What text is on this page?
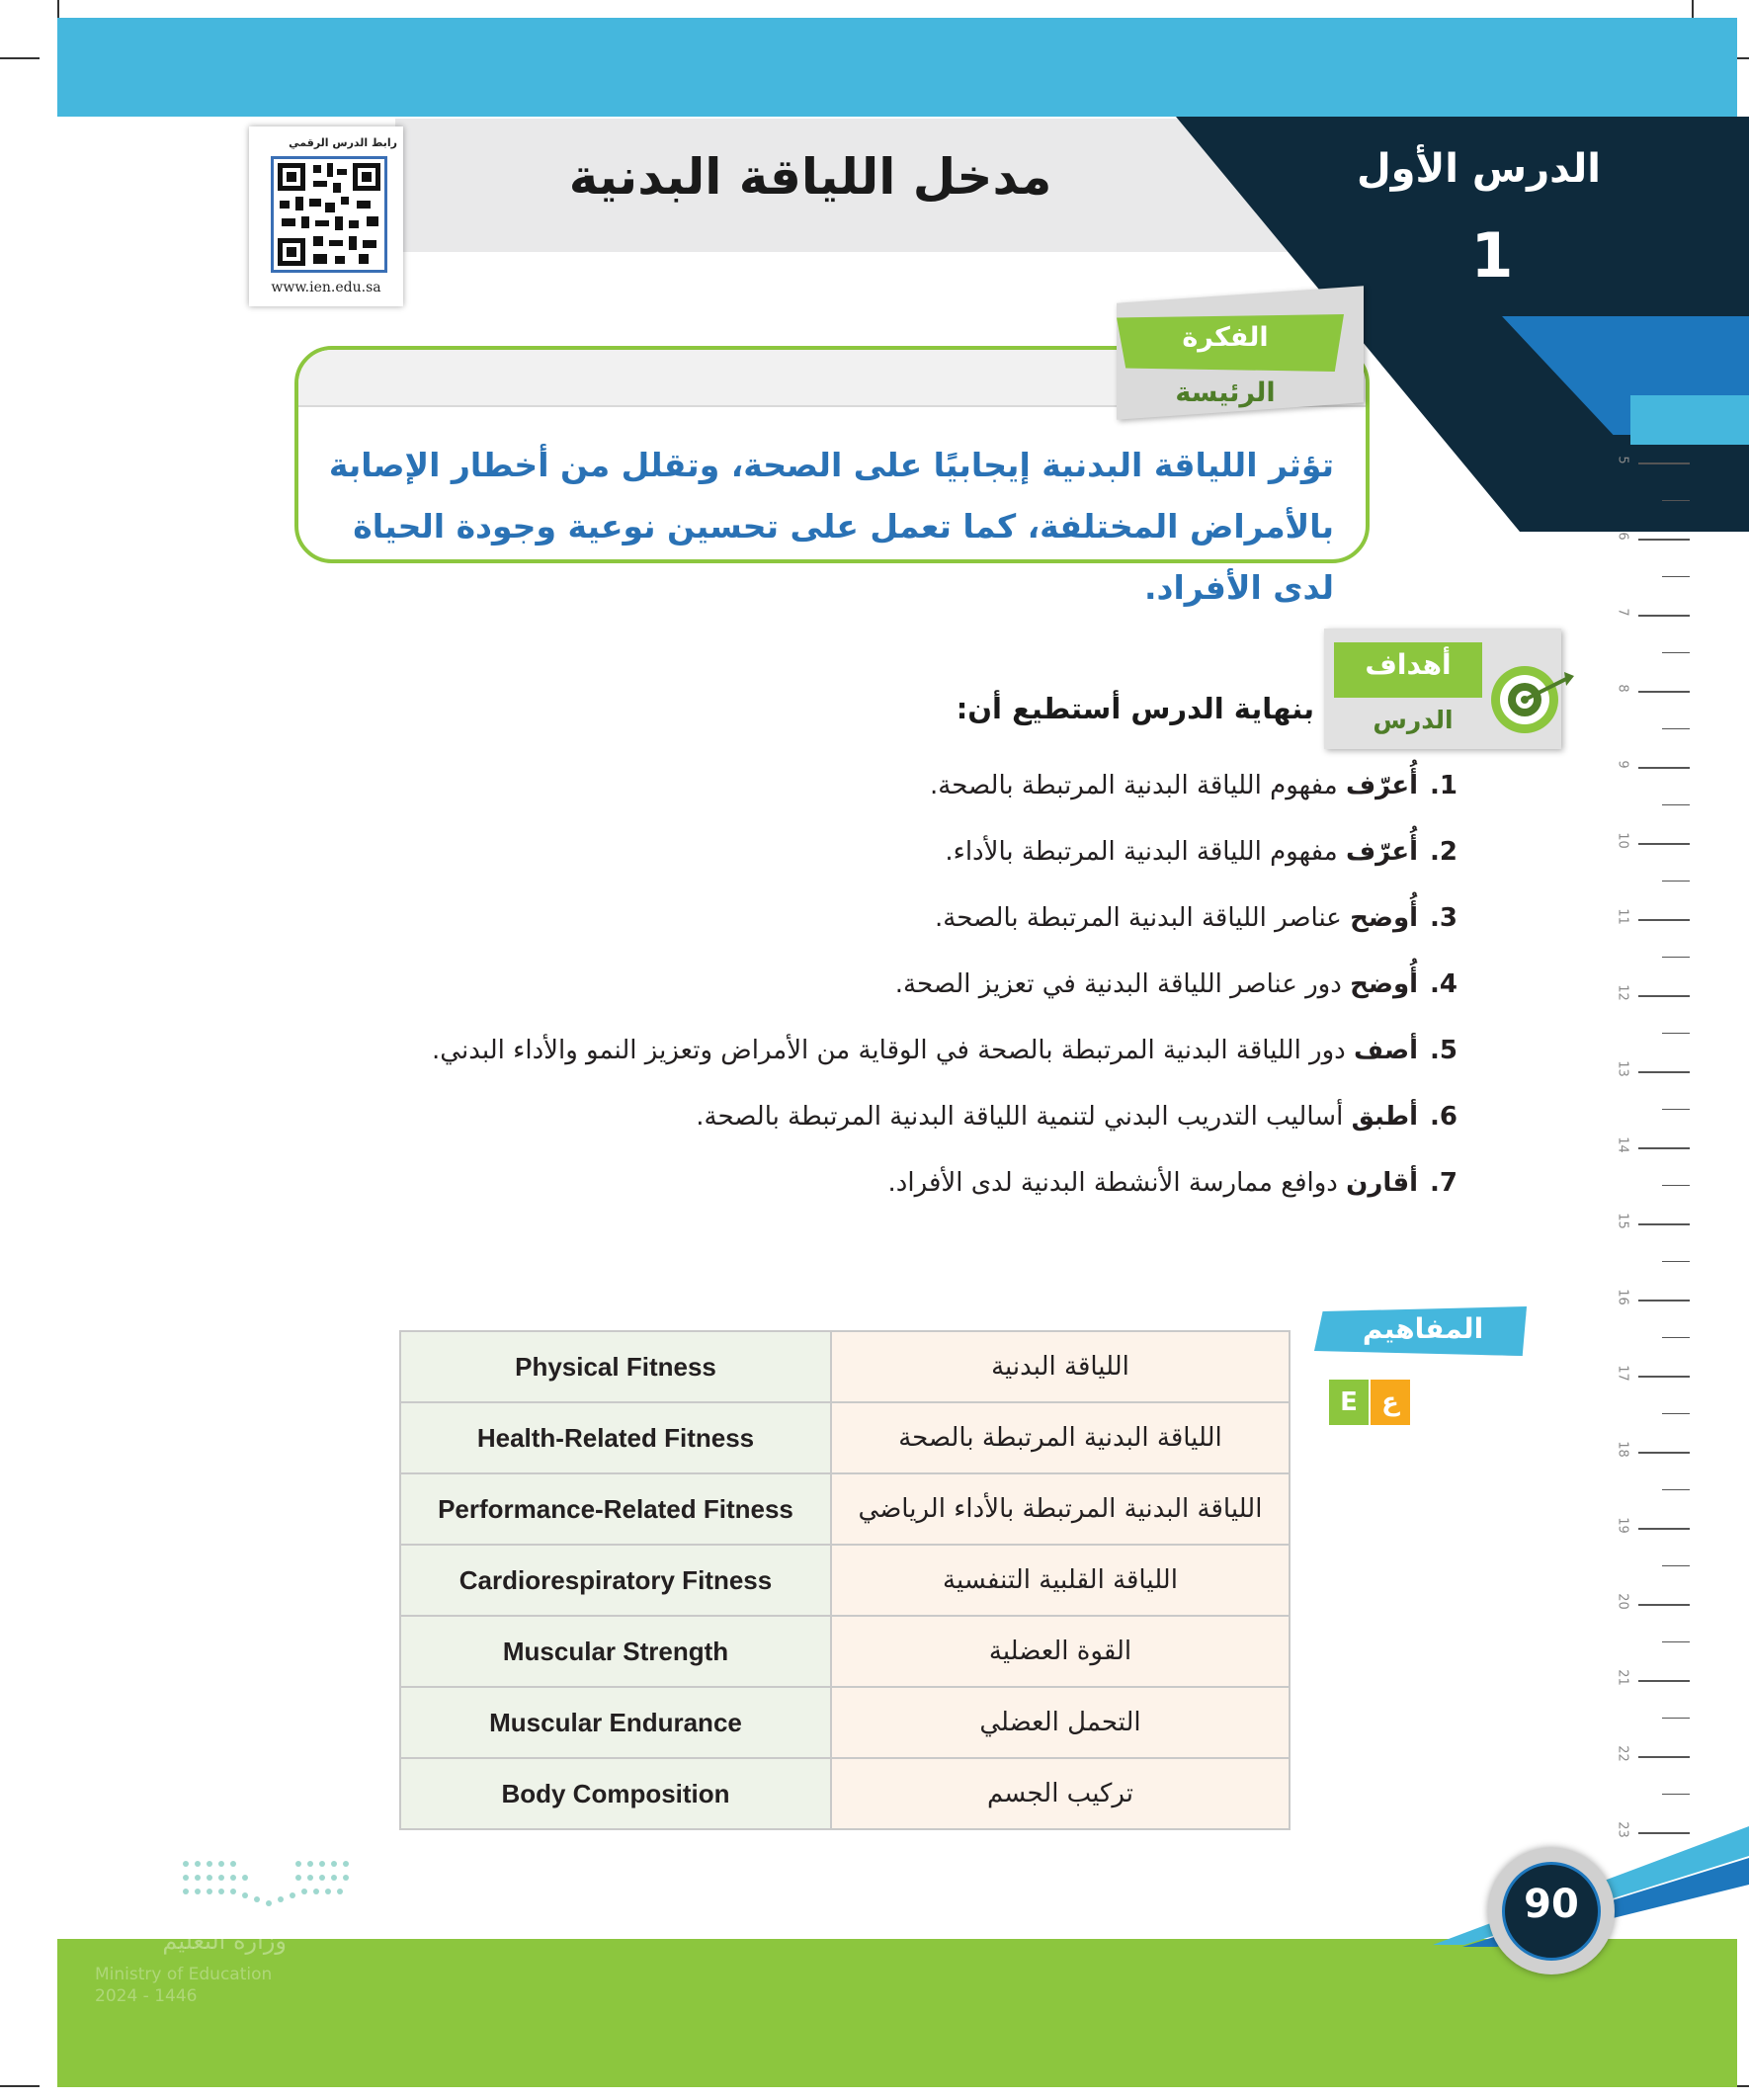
مدخل اللياقة البدنية	الدرس الأول
1
رابط الدرس الرقمي
www.ien.edu.sa
الفكرة
الرئيسة
تؤثر اللياقة البدنية إيجابيًا على الصحة، وتقلل من أخطار الإصابة
بالأمراض المختلفة، كما تعمل على تحسين نوعية وجودة الحياة لدى الأفراد.
أهداف
الدرس
بنهاية الدرس أستطيع أن:
1.أُعرّف مفهوم اللياقة البدنية المرتبطة بالصحة.
2.أُعرّف مفهوم اللياقة البدنية المرتبطة بالأداء.
3.أُوضح عناصر اللياقة البدنية المرتبطة بالصحة.
4.أُوضح دور عناصر اللياقة البدنية في تعزيز الصحة.
5.أصف دور اللياقة البدنية المرتبطة بالصحة في الوقاية من الأمراض وتعزيز النمو والأداء البدني.
6.أطبق أساليب التدريب البدني لتنمية اللياقة البدنية المرتبطة بالصحة.
7.أقارن دوافع ممارسة الأنشطة البدنية لدى الأفراد.
المفاهيم
E ع
Physical Fitness	اللياقة البدنية
Health-Related Fitness	اللياقة البدنية المرتبطة بالصحة
Performance-Related Fitness	اللياقة البدنية المرتبطة بالأداء الرياضي
Cardiorespiratory Fitness	اللياقة القلبية التنفسية
Muscular Strength	القوة العضلية
Muscular Endurance	التحمل العضلي
Body Composition	تركيب الجسم
5
6
7
8
9
10
11
12
13
14
15
16
17
18
19
20
21
22
23
وزارة التعليم
Ministry of Education
2024 - 1446
90
